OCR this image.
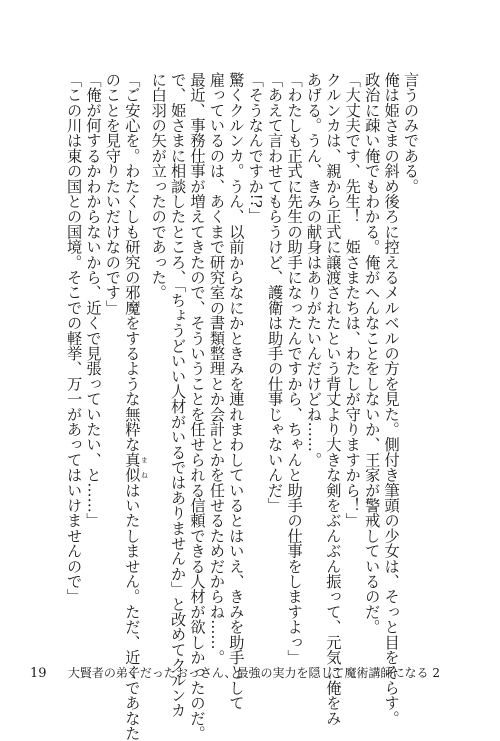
言うのみである。
俺は姫さまの斜め後ろに控えるメルベルの方を見た。側付き筆頭の少女は、そっと目をそらす。
政治に疎い俺でもわかる。俺がへんなことをしないか、王家が警戒しているのだ。
「大丈夫です、先生！　姫さまたちは、わたしが守りますから！」
クルンカは、親から正式に譲渡されたという背丈より大きな剣をぶんぶん振って、元気に俺をみ
あげる。うん、きみの献身はありがたいんだけどね……。
「わたしも正式に先生の助手になったんですから、ちゃんと助手の仕事をしますよっ」
「あえて言わせてもらうけど、護衛は助手の仕事じゃないんだ」
「そうなんですか!?」
驚くクルンカ。うん、以前からなにかときみを連れまわしているとはいえ、きみを助手として
雇っているのは、あくまで研究室の書類整理とか会計とかを任せるためだからね……。
最近、事務仕事が増えてきたので、そういうことを任せられる信頼できる人材が欲しかったのだ。
で、姫さまに相談したところ、「ちょうどいい人材がいるではありませんか」と改めてクルンカ
に白羽の矢が立ったのであった。
「ご安心を。わたくしも研究の邪魔をするような無粋な真似 まねはいたしません。ただ、近くであなた
のことを見守りたいだけなのです」
「俺が何するかわからないから、近くで見張っていたい、と……」
「この川は東の国との国境。そこでの軽挙、万一があってはいけませんので」
19 大賢者の弟子だったおっさん、最強の実力を隠して魔術講師になる 2
